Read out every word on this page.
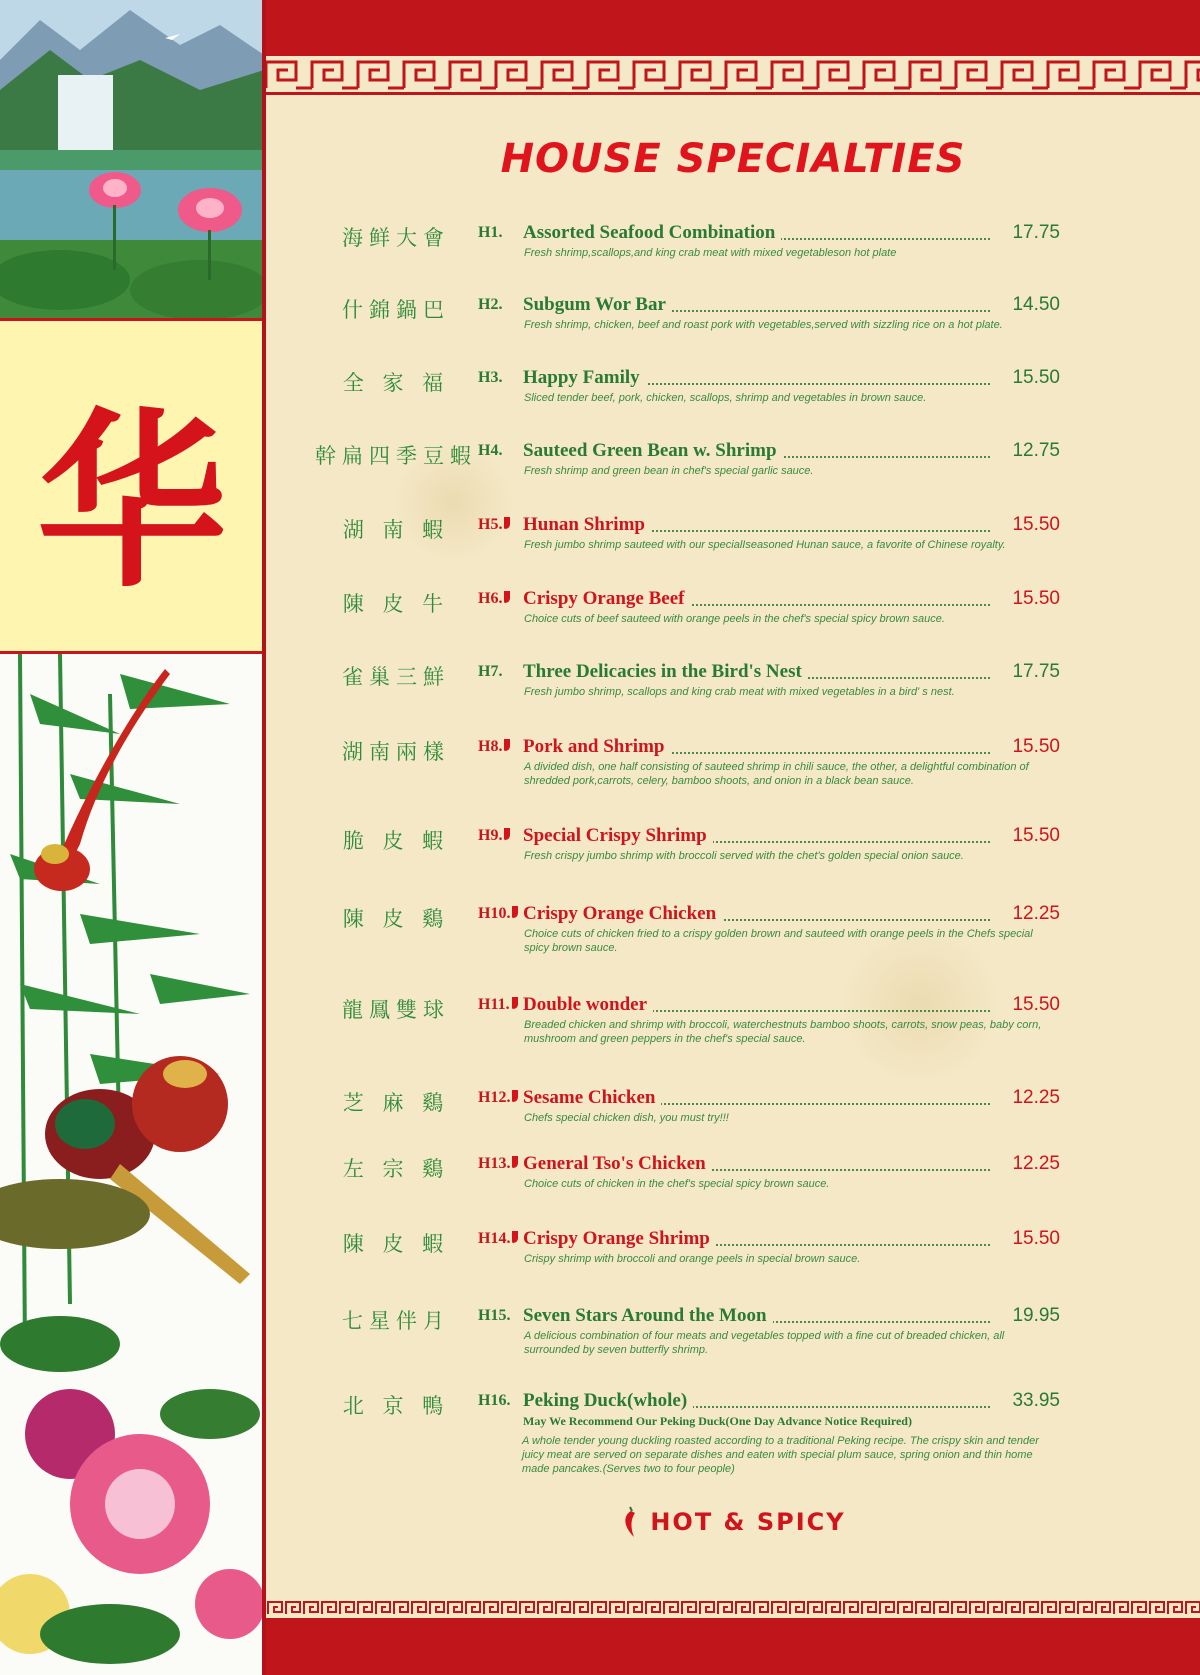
华
HOUSE SPECIALTIES
海鲜大會	H1. Assorted Seafood Combination	17.75
Fresh shrimp,scallops,and king crab meat with mixed vegetableson hot plate
什錦鍋巴	H2. Subgum Wor Bar	14.50
Fresh shrimp, chicken, beef and roast pork with vegetables,served with sizzling rice on a hot plate.
全 家 福	H3. Happy Family	15.50
Sliced tender beef, pork, chicken, scallops, shrimp and vegetables in brown sauce.
幹扁四季豆蝦 H4. Sauteed Green Bean w. Shrimp	12.75
Fresh shrimp and green bean in chef's special garlic sauce.
湖 南 蝦	H5.	Hunan Shrimp	15.50
Fresh jumbo shrimp sauteed with our specialIseasoned Hunan sauce, a favorite of Chinese royalty.
陳 皮 牛	H6.	Crispy Orange Beef	15.50
Choice cuts of beef sauteed with orange peels in the chef's special spicy brown sauce.
雀巢三鮮	H7. Three Delicacies in the Bird's Nest	17.75
Fresh jumbo shrimp, scallops and king crab meat with mixed vegetables in a bird' s nest.
湖南兩樣	H8.	Pork and Shrimp	15.50
A divided dish, one half consisting of sauteed shrimp in chili sauce, the other, a delightful combination of shredded pork,carrots, celery, bamboo shoots, and onion in a black bean sauce.
脆 皮 蝦	H9.	Special Crispy Shrimp	15.50
Fresh crispy jumbo shrimp with broccoli served with the chet's golden special onion sauce.
陳 皮 鷄	H10. Crispy Orange Chicken	12.25
Choice cuts of chicken fried to a crispy golden brown and sauteed with orange peels in the Chefs special spicy brown sauce.
龍鳳雙球	H11. Double wonder	15.50
Breaded chicken and shrimp with broccoli, waterchestnuts bamboo shoots, carrots, snow peas, baby corn, mushroom and green peppers in the chef's special sauce.
芝 麻 鷄	H12. Sesame Chicken	12.25
Chefs special chicken dish, you must try!!!
左 宗 鷄	H13. General Tso's Chicken	12.25
Choice cuts of chicken in the chef's special spicy brown sauce.
陳 皮 蝦	H14. Crispy Orange Shrimp	15.50
Crispy shrimp with broccoli and orange peels in special brown sauce.
七星伴月	H15. Seven Stars Around the Moon	19.95
A delicious combination of four meats and vegetables topped with a fine cut of breaded chicken, all surrounded by seven butterfly shrimp.
北 京 鴨	H16. Peking Duck(whole)	33.95
May We Recommend Our Peking Duck(One Day Advance Notice Required)
A whole tender young duckling roasted according to a traditional Peking recipe. The crispy skin and tender juicy meat are served on separate dishes and eaten with special plum sauce, spring onion and thin home made pancakes.(Serves two to four people)
HOT & SPICY
